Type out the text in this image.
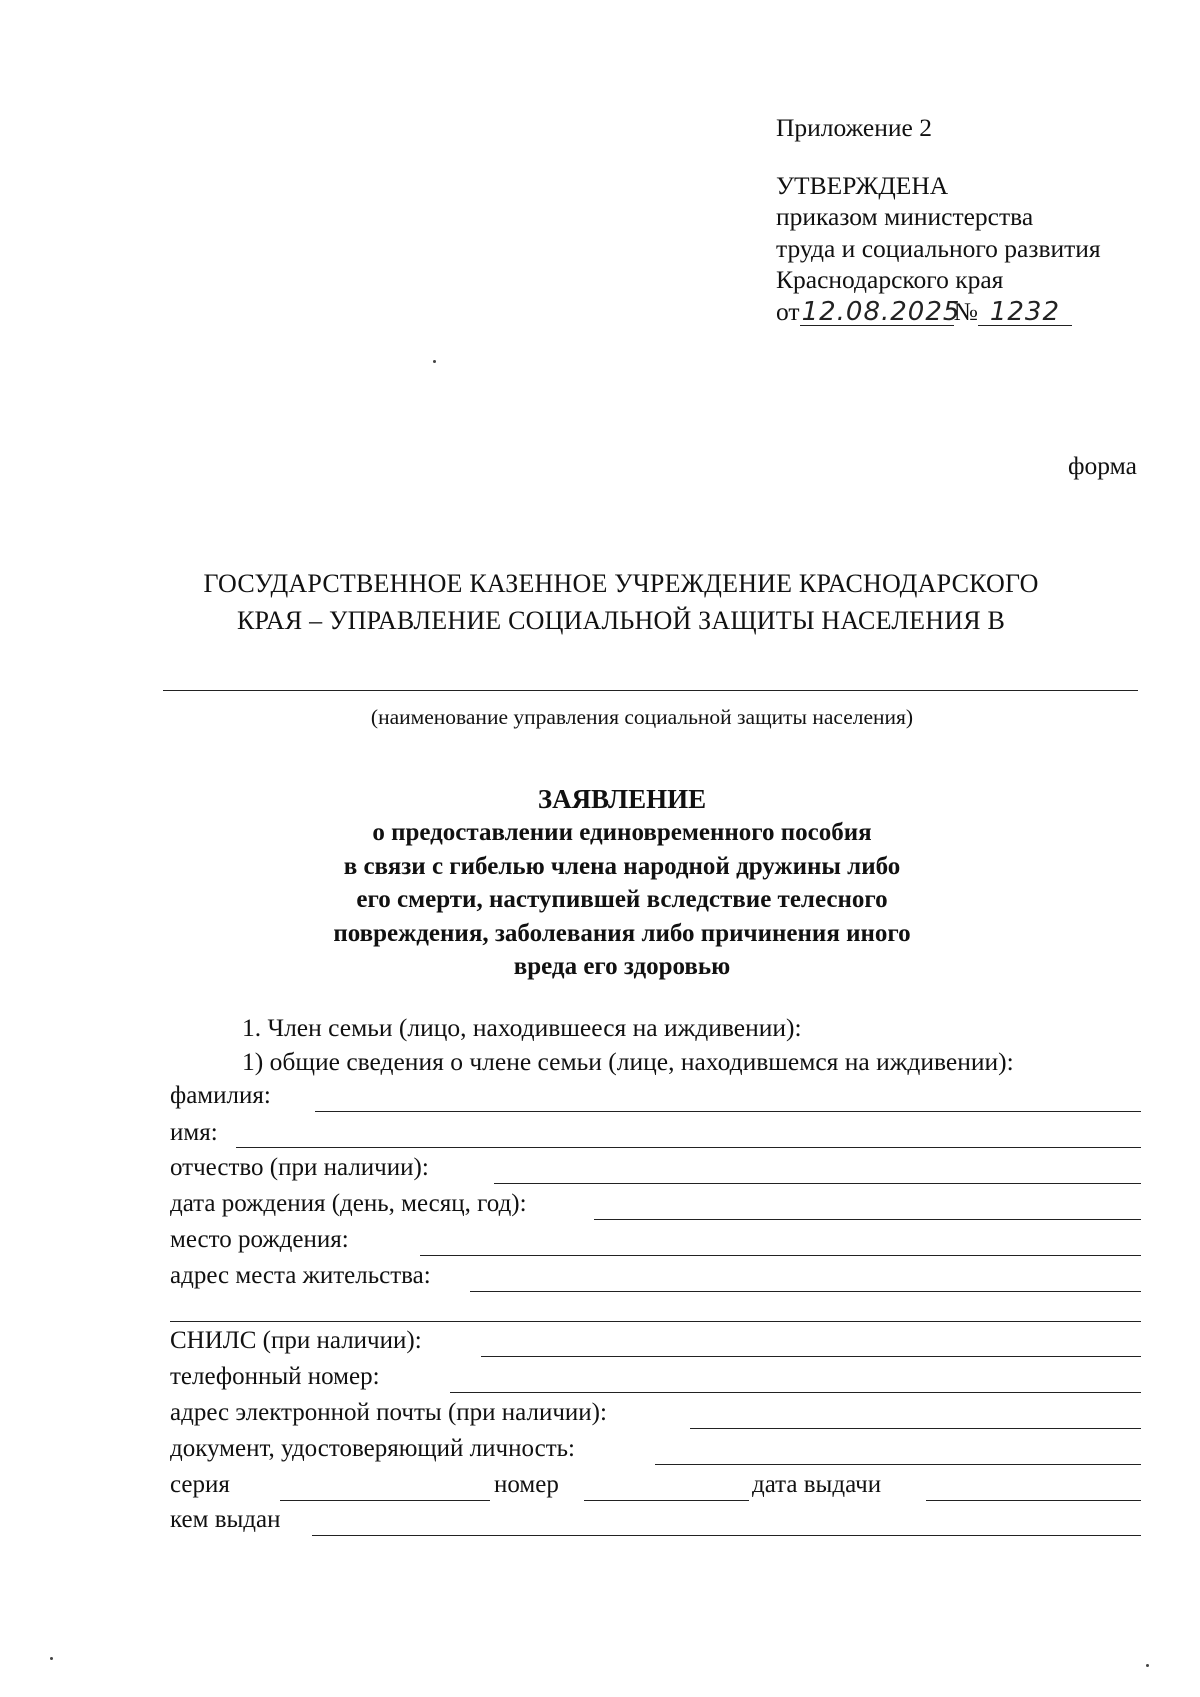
Приложение 2
УТВЕРЖДЕНА
приказом министерства
труда и социального развития
Краснодарского края
от12.08.2025№ 1232
форма
ГОСУДАРСТВЕННОЕ КАЗЕННОЕ УЧРЕЖДЕНИЕ КРАСНОДАРСКОГО
КРАЯ – УПРАВЛЕНИЕ СОЦИАЛЬНОЙ ЗАЩИТЫ НАСЕЛЕНИЯ В
(наименование управления социальной защиты населения)
ЗАЯВЛЕНИЕ
о предоставлении единовременного пособия
в связи с гибелью члена народной дружины либо
его смерти, наступившей вследствие телесного
повреждения, заболевания либо причинения иного
вреда его здоровью
1. Член семьи (лицо, находившееся на иждивении):
1) общие сведения о члене семьи (лице, находившемся на иждивении):
фамилия:
имя:
отчество (при наличии):
дата рождения (день, месяц, год):
место рождения:
адрес места жительства:
СНИЛС (при наличии):
телефонный номер:
адрес электронной почты (при наличии):
документ, удостоверяющий личность:
серия	номер	дата выдачи
кем выдан
